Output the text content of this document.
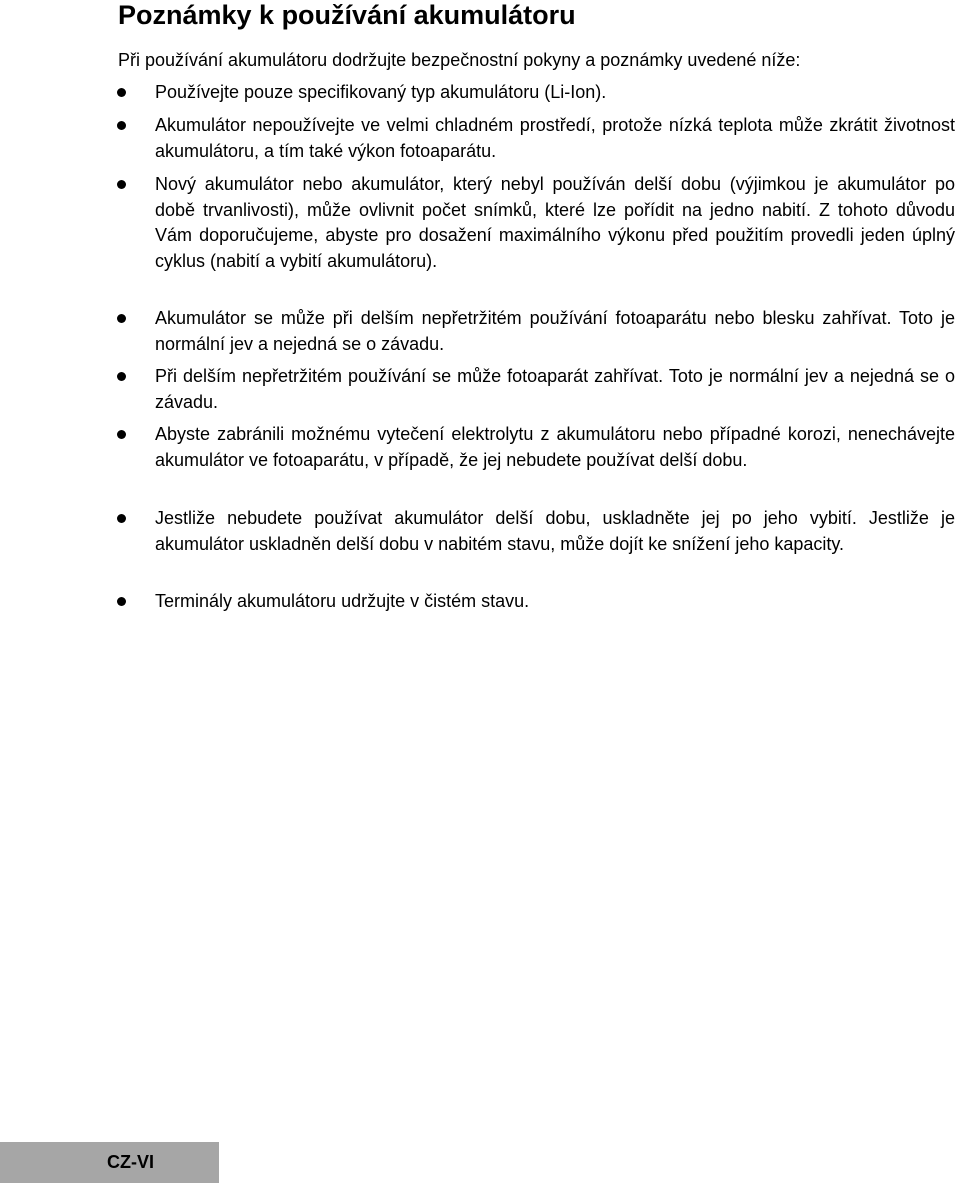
Poznámky k používání akumulátoru

Při používání akumulátoru dodržujte bezpečnostní pokyny a poznámky uvedené níže:

Používejte pouze specifikovaný typ akumulátoru (Li-Ion).
Akumulátor nepoužívejte ve velmi chladném prostředí, protože nízká teplota může zkrátit životnost akumulátoru, a tím také výkon fotoaparátu.
Nový akumulátor nebo akumulátor, který nebyl používán delší dobu (výjimkou je akumulátor po době trvanlivosti), může ovlivnit počet snímků, které lze pořídit na jedno nabití. Z tohoto důvodu Vám doporučujeme, abyste pro dosažení maximálního výkonu před použitím provedli jeden úplný cyklus (nabití a vybití akumulátoru).
Akumulátor se může při delším nepřetržitém používání fotoaparátu nebo blesku zahřívat. Toto je normální jev a nejedná se o závadu.
Při delším nepřetržitém používání se může fotoaparát zahřívat. Toto je normální jev a nejedná se o závadu.
Abyste zabránili možnému vytečení elektrolytu z akumulátoru nebo případné korozi, nenechávejte akumulátor ve fotoaparátu, v případě, že jej nebudete používat delší dobu.
Jestliže nebudete používat akumulátor delší dobu, uskladněte jej po jeho vybití. Jestliže je akumulátor uskladněn delší dobu v nabitém stavu, může dojít ke snížení jeho kapacity.
Terminály akumulátoru udržujte v čistém stavu.
CZ-VI
